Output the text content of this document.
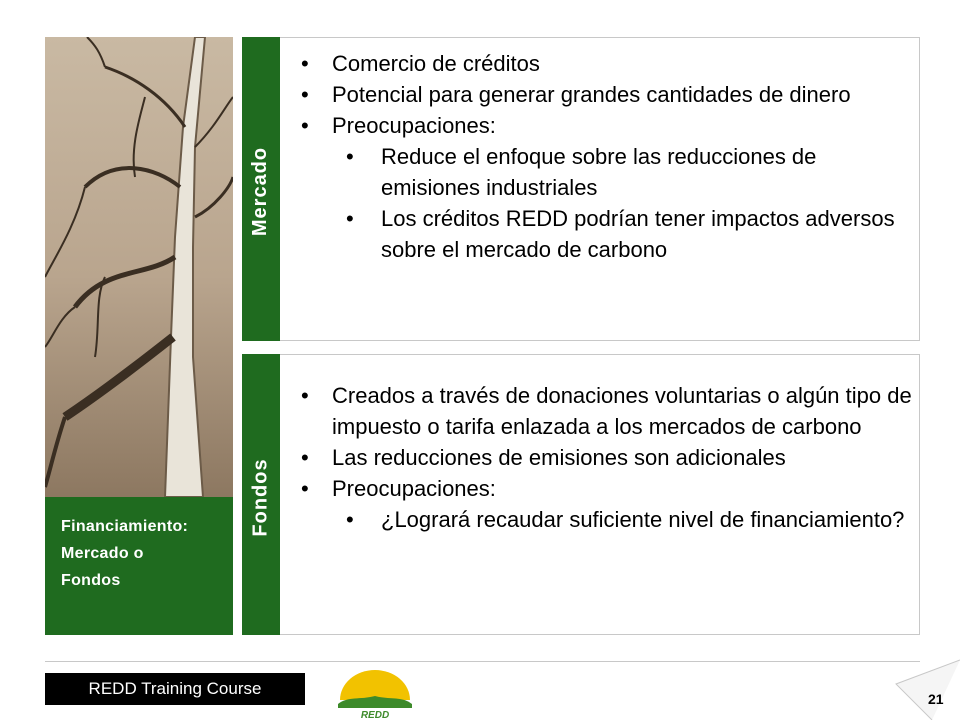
Financiamiento:
Mercado o
Fondos
Mercado
• Comercio de créditos
• Potencial para generar grandes cantidades de dinero
• Preocupaciones:
• Reduce el enfoque sobre las reducciones de emisiones industriales
• Los créditos REDD podrían tener impactos adversos sobre el mercado de carbono
Fondos
• Creados a través de donaciones voluntarias o algún tipo de impuesto o tarifa enlazada a los mercados de carbono
• Las reducciones de emisiones son adicionales
• Preocupaciones:
• ¿Logrará recaudar suficiente nivel de financiamiento?
REDD Training Course
REDD
21
